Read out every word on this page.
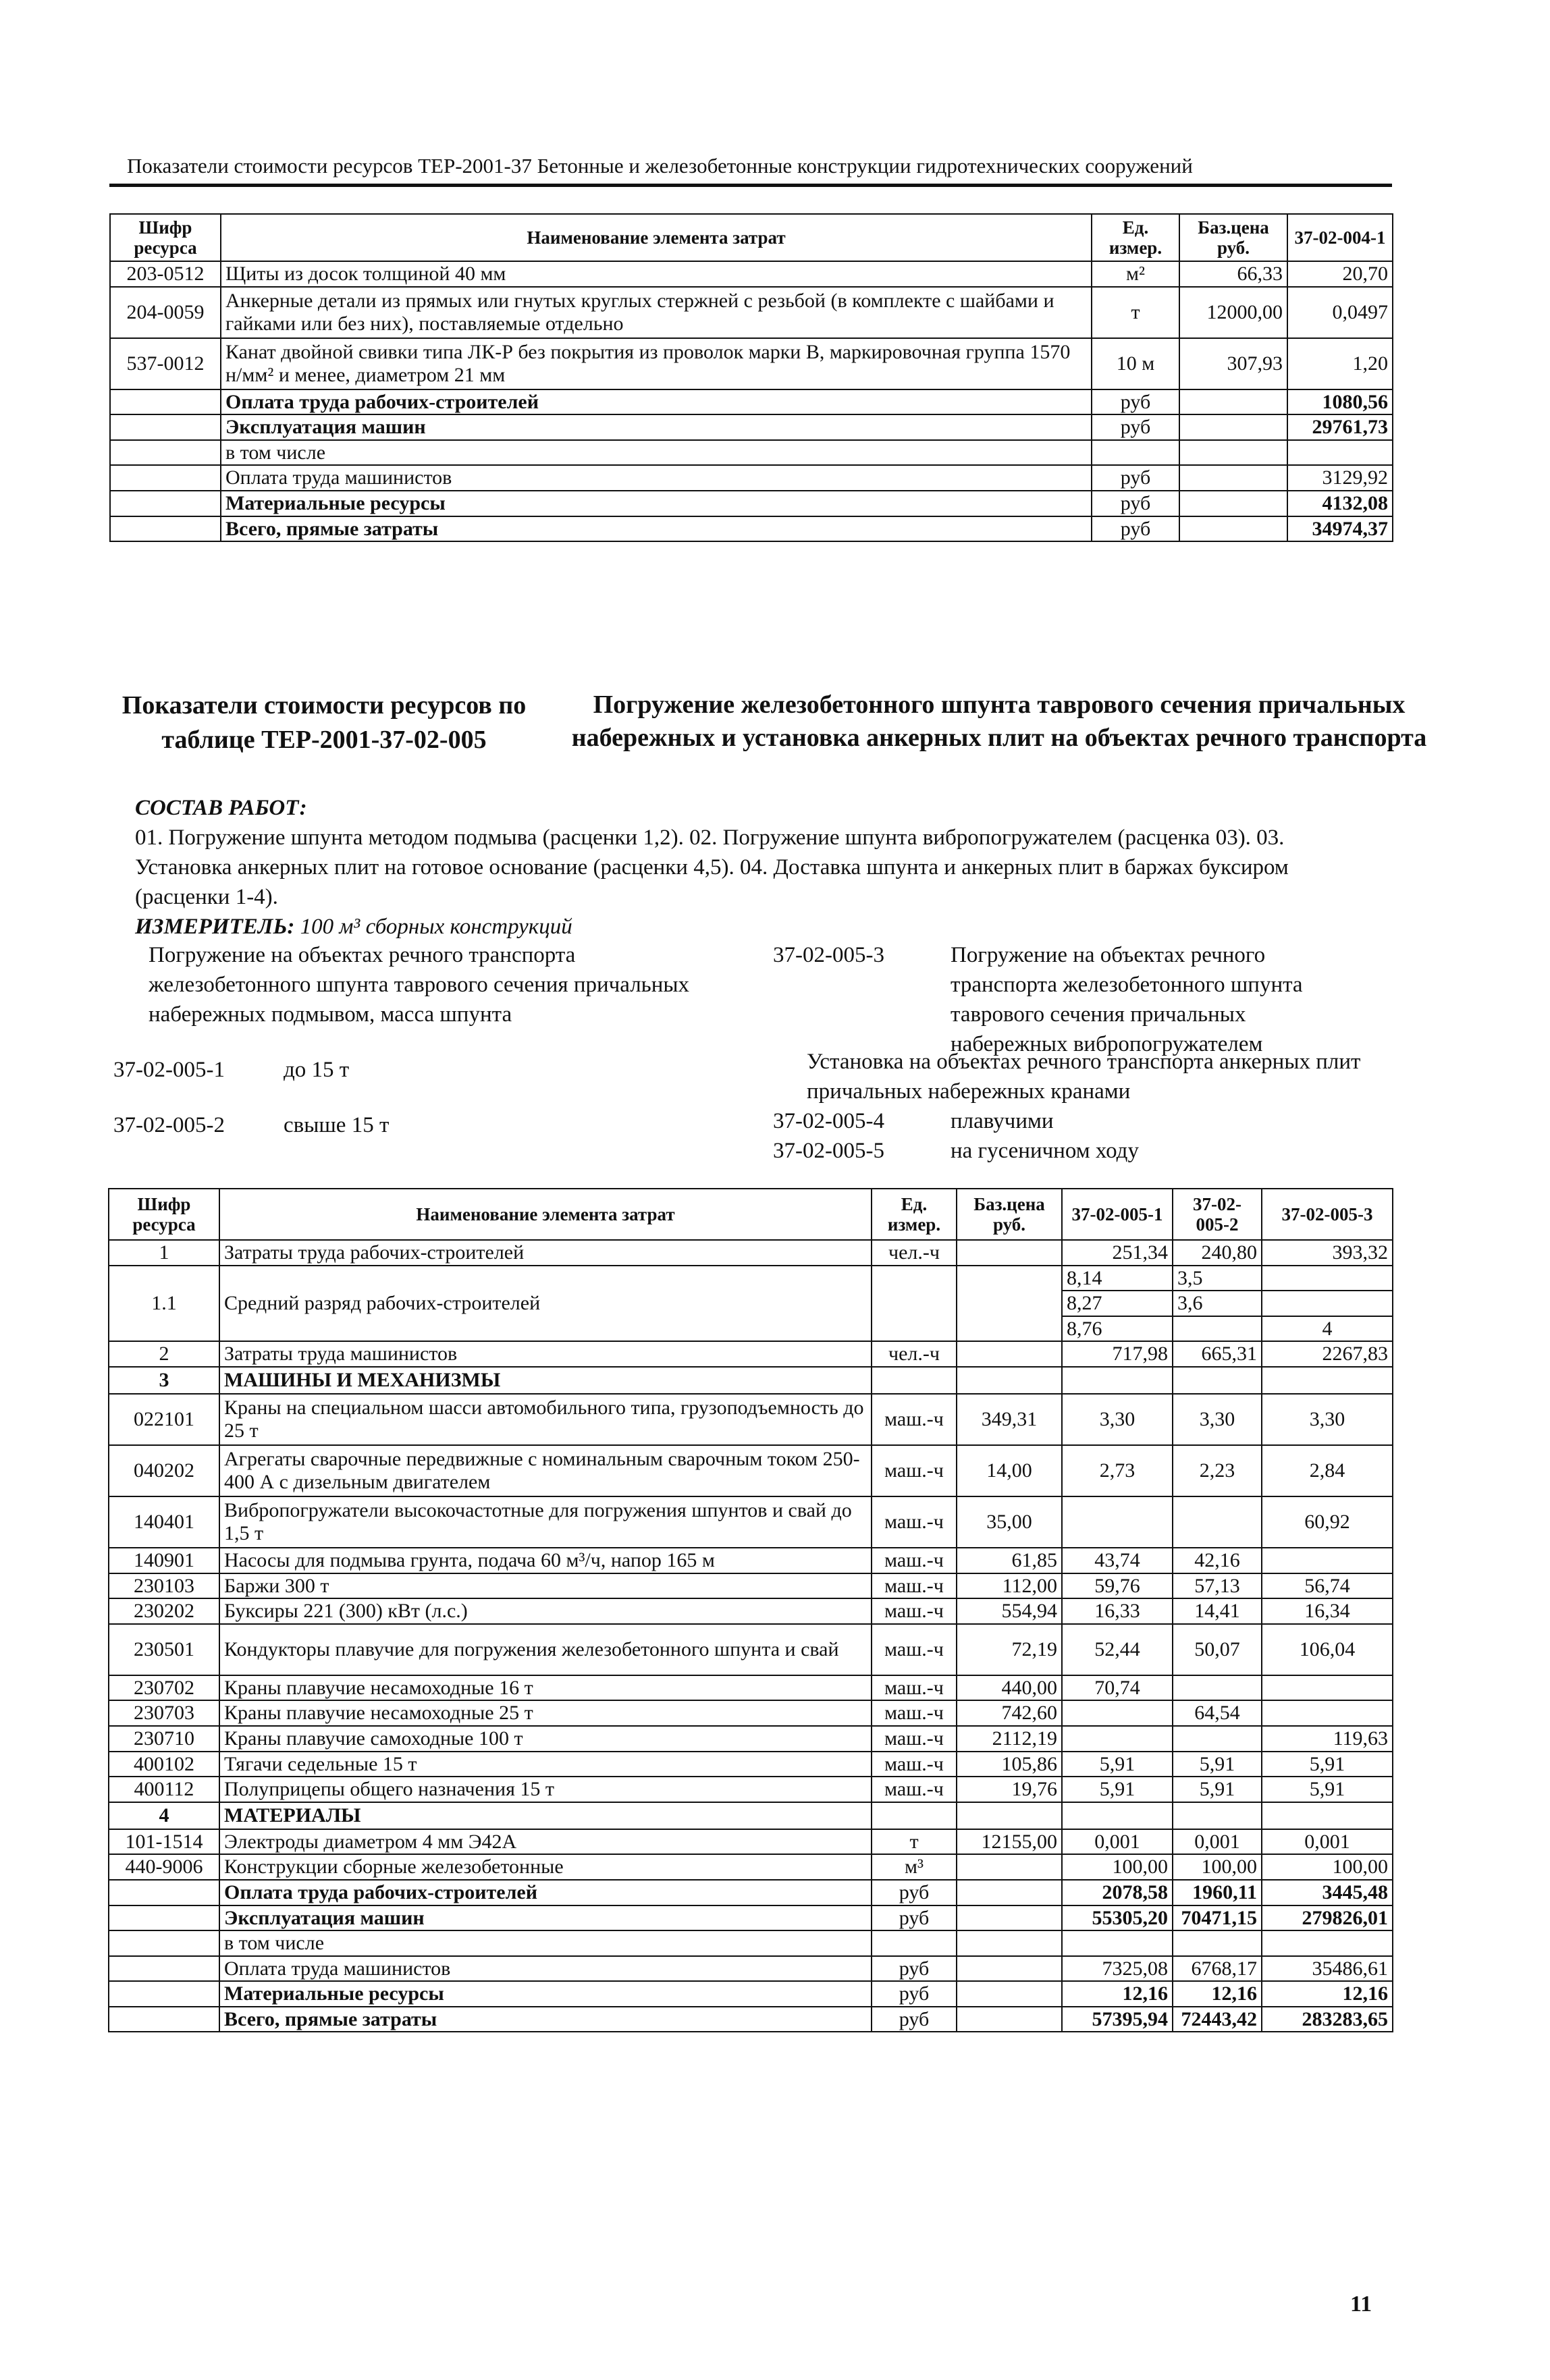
Показатели стоимости ресурсов ТЕР-2001-37 Бетонные и железобетонные конструкции гидротехнических сооружений
Шифр ресурса	Наименование элемента затрат	Ед. измер.	Баз.цена руб.	37-02-004-1
203-0512	Щиты из досок толщиной 40 мм	м²	66,33	20,70
204-0059	Анкерные детали из прямых или гнутых круглых стержней с резьбой (в комплекте с шайбами и гайками или без них), поставляемые отдельно	т	12000,00	0,0497
537-0012	Канат двойной свивки типа ЛК-Р без покрытия из проволок марки В, маркировочная группа 1570 н/мм² и менее, диаметром 21 мм	10 м	307,93	1,20
	Оплата труда рабочих-строителей	руб		1080,56
	Эксплуатация машин	руб		29761,73
	в том числе			
	Оплата труда машинистов	руб		3129,92
	Материальные ресурсы	руб		4132,08
	Всего, прямые затраты	руб		34974,37
Показатели стоимости ресурсов по таблице ТЕР-2001-37-02-005
Погружение железобетонного шпунта таврового сечения причальных набережных и установка анкерных плит на объектах речного транспорта
СОСТАВ РАБОТ:
01. Погружение шпунта методом подмыва (расценки 1,2). 02. Погружение шпунта вибропогружателем (расценка 03). 03. Установка анкерных плит на готовое основание (расценки 4,5). 04. Доставка шпунта и анкерных плит в баржах буксиром (расценки 1-4).
ИЗМЕРИТЕЛЬ: 100 м³ сборных конструкций
Погружение на объектах речного транспорта железобетонного шпунта таврового сечения причальных набережных подмывом, масса шпунта
37-02-005-3	Погружение на объектах речного транспорта железобетонного шпунта таврового сечения причальных набережных вибропогружателем
37-02-005-1	до 15 т	Установка на объектах речного транспорта анкерных плит причальных набережных кранами
37-02-005-2	свыше 15 т	37-02-005-4	плавучими
37-02-005-5	на гусеничном ходу
Шифр ресурса	Наименование элемента затрат	Ед. измер.	Баз.цена руб.	37-02-005-1	37-02-005-2	37-02-005-3
1	Затраты труда рабочих-строителей	чел.-ч		251,34	240,80	393,32
1.1	Средний разряд рабочих-строителей			8,14	3,5	
				8,27	3,6	
				8,76		4
2	Затраты труда машинистов	чел.-ч		717,98	665,31	2267,83
3	МАШИНЫ И МЕХАНИЗМЫ					
022101	Краны на специальном шасси автомобильного типа, грузоподъемность до 25 т	маш.-ч	349,31	3,30	3,30	3,30
040202	Агрегаты сварочные передвижные с номинальным сварочным током 250-400 А с дизельным двигателем	маш.-ч	14,00	2,73	2,23	2,84
140401	Вибропогружатели высокочастотные для погружения шпунтов и свай до 1,5 т	маш.-ч	35,00			60,92
140901	Насосы для подмыва грунта, подача 60 м³/ч, напор 165 м	маш.-ч	61,85	43,74	42,16	
230103	Баржи 300 т	маш.-ч	112,00	59,76	57,13	56,74
230202	Буксиры 221 (300) кВт (л.с.)	маш.-ч	554,94	16,33	14,41	16,34
230501	Кондукторы плавучие для погружения железобетонного шпунта и свай	маш.-ч	72,19	52,44	50,07	106,04
230702	Краны плавучие несамоходные 16 т	маш.-ч	440,00	70,74		
230703	Краны плавучие несамоходные 25 т	маш.-ч	742,60		64,54	
230710	Краны плавучие самоходные 100 т	маш.-ч	2112,19			119,63
400102	Тягачи седельные 15 т	маш.-ч	105,86	5,91	5,91	5,91
400112	Полуприцепы общего назначения 15 т	маш.-ч	19,76	5,91	5,91	5,91
4	МАТЕРИАЛЫ					
101-1514	Электроды диаметром 4 мм Э42А	т	12155,00	0,001	0,001	0,001
440-9006	Конструкции сборные железобетонные	м³		100,00	100,00	100,00
	Оплата труда рабочих-строителей	руб		2078,58	1960,11	3445,48
	Эксплуатация машин	руб		55305,20	70471,15	279826,01
	в том числе					
	Оплата труда машинистов	руб		7325,08	6768,17	35486,61
	Материальные ресурсы	руб		12,16	12,16	12,16
	Всего, прямые затраты	руб		57395,94	72443,42	283283,65
11
